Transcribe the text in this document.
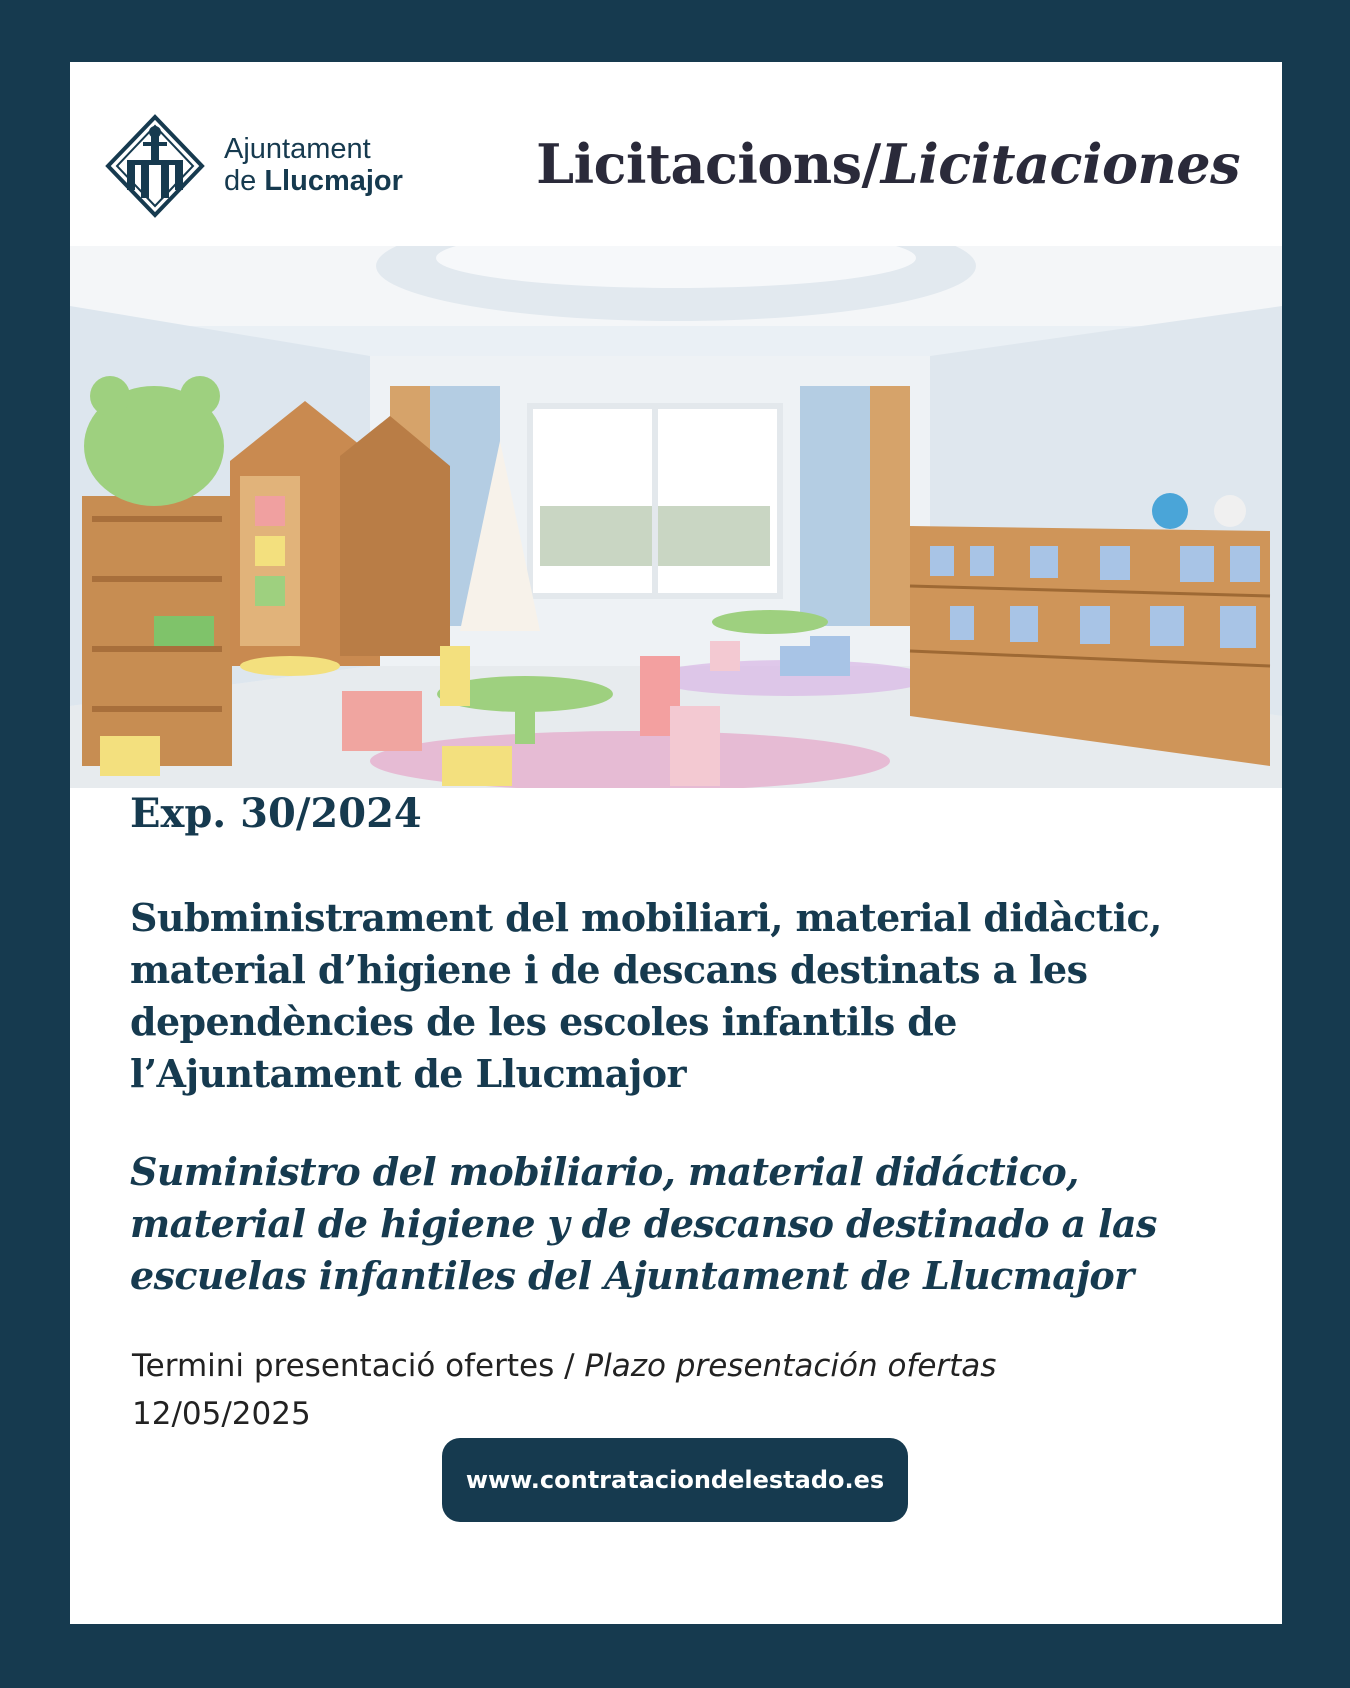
Ajuntament
de Llucmajor Licitacions/Licitaciones
Exp. 30/2024
Subministrament del mobiliari, material didàctic, material d’higiene i de descans destinats a les dependències de les escoles infantils de l’Ajuntament de Llucmajor
Suministro del mobiliario, material didáctico, material de higiene y de descanso destinado a las escuelas infantiles del Ajuntament de Llucmajor
Termini presentació ofertes / Plazo presentación ofertas
12/05/2025
www.contrataciondelestado.es
